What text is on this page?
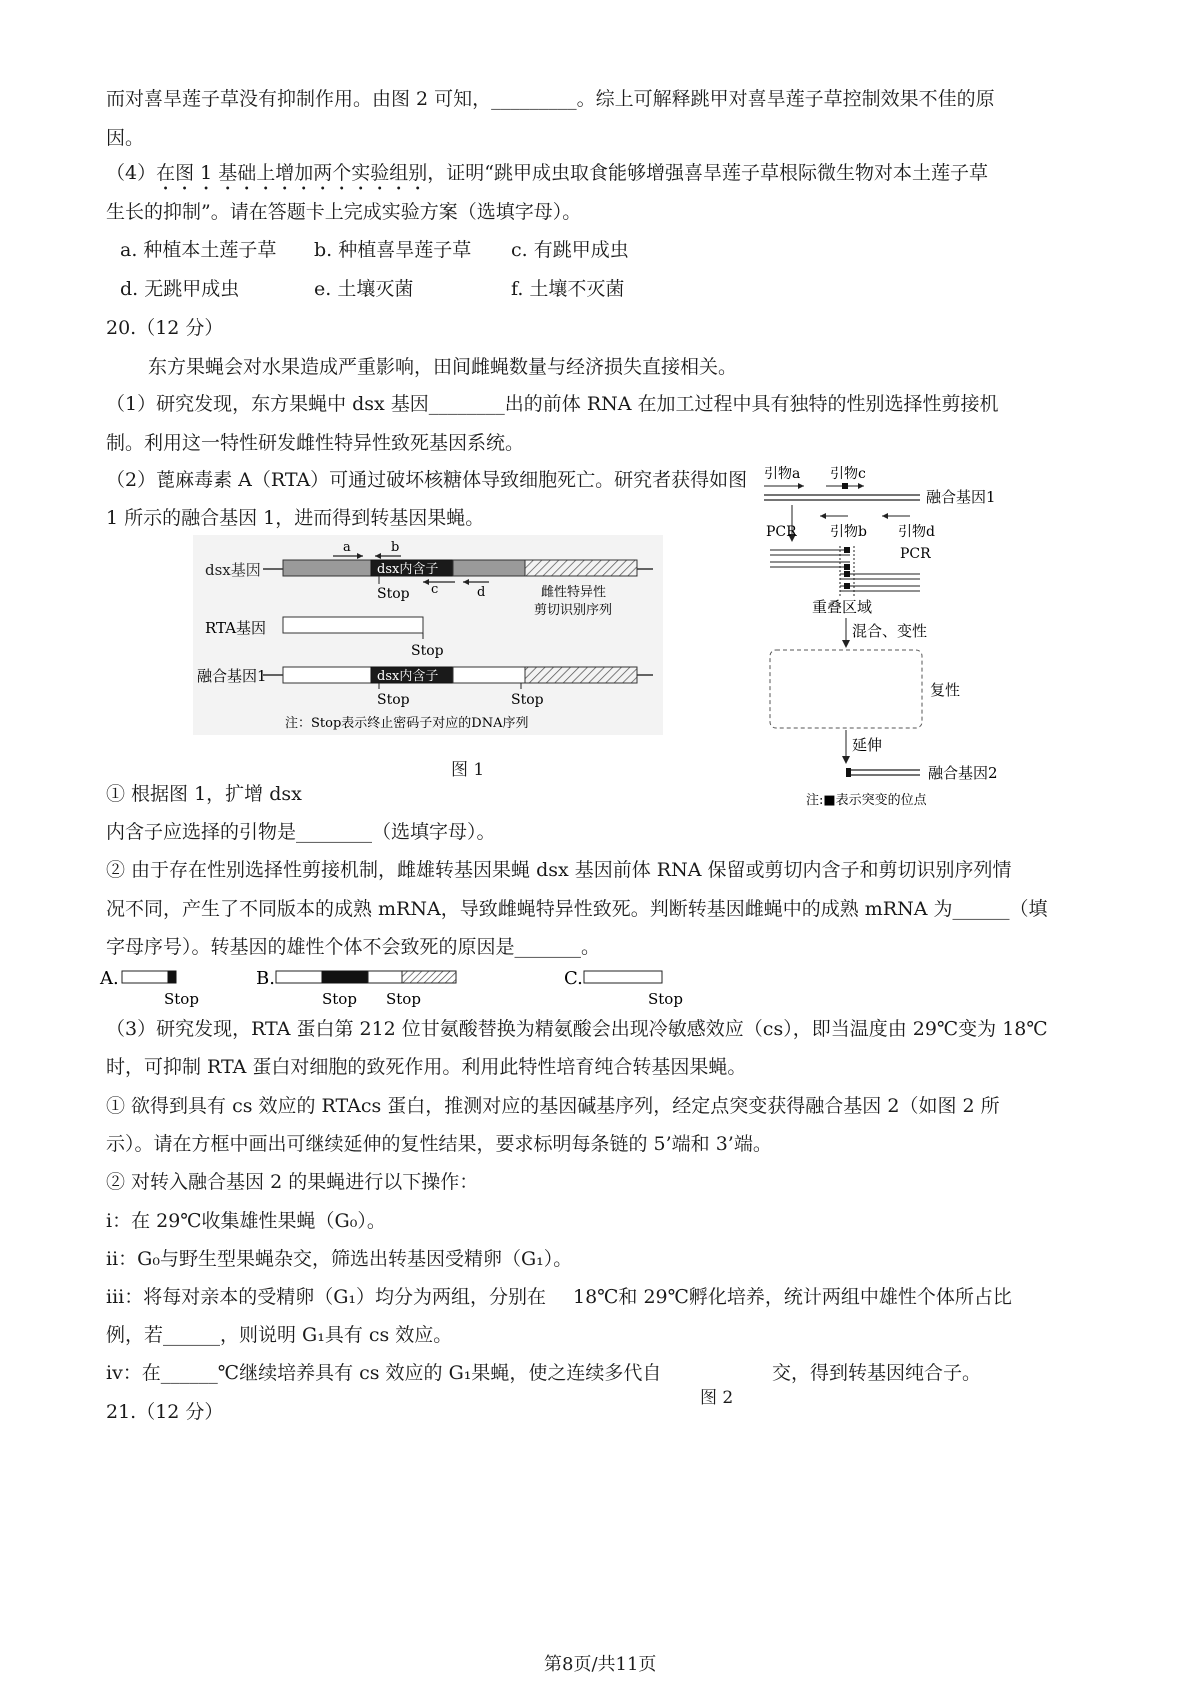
而对喜旱莲子草没有抑制作用。由图 2 可知，_________。综上可解释跳甲对喜旱莲子草控制效果不佳的原
因。
（4）在图 1 基础上增加两个实验组别，证明“跳甲成虫取食能够增强喜旱莲子草根际微生物对本土莲子草
生长的抑制”。请在答题卡上完成实验方案（选填字母）。
a. 种植本土莲子草 b. 种植喜旱莲子草 c. 有跳甲成虫
d. 无跳甲成虫	e. 土壤灭菌	f. 土壤不灭菌
20.（12 分）
东方果蝇会对水果造成严重影响，田间雌蝇数量与经济损失直接相关。
（1）研究发现，东方果蝇中 dsx 基因________出的前体 RNA 在加工过程中具有独特的性别选择性剪接机
制。利用这一特性研发雌性特异性致死基因系统。
（2）蓖麻毒素 A（RTA）可通过破坏核糖体导致细胞死亡。研究者获得如图
1 所示的融合基因 1，进而得到转基因果蝇。
dsx基因	dsx内含子
a	b
Stop c	d	雌性特异性
剪切识别序列
RTA基因
Stop
融合基因1	dsx内含子
Stop	Stop
注：Stop表示终止密码子对应的DNA序列
图 1
引物a 引物c
融合基因1
PCR 引物b 引物d
PCR
重叠区域
混合、变性
复性
延伸
融合基因2
注:■表示突变的位点
① 根据图 1，扩增 dsx
内含子应选择的引物是________（选填字母）。
② 由于存在性别选择性剪接机制，雌雄转基因果蝇 dsx 基因前体 RNA 保留或剪切内含子和剪切识别序列情
况不同，产生了不同版本的成熟 mRNA，导致雌蝇特异性致死。判断转基因雌蝇中的成熟 mRNA 为______（填
字母序号）。转基因的雄性个体不会致死的原因是_______。
A.
Stop
B.
Stop Stop
C.
Stop
（3）研究发现，RTA 蛋白第 212 位甘氨酸替换为精氨酸会出现冷敏感效应（cs），即当温度由 29℃变为 18℃
时，可抑制 RTA 蛋白对细胞的致死作用。利用此特性培育纯合转基因果蝇。
① 欲得到具有 cs 效应的 RTAcs 蛋白，推测对应的基因碱基序列，经定点突变获得融合基因 2（如图 2 所
示）。请在方框中画出可继续延伸的复性结果，要求标明每条链的 5’端和 3’端。
② 对转入融合基因 2 的果蝇进行以下操作：
ⅰ：在 29℃收集雄性果蝇（G₀）。
ⅱ：G₀与野生型果蝇杂交，筛选出转基因受精卵（G₁）。
ⅲ：将每对亲本的受精卵（G₁）均分为两组，分别在 18℃和 29℃孵化培养，统计两组中雄性个体所占比
例，若______，则说明 G₁具有 cs 效应。
ⅳ：在______℃继续培养具有 cs 效应的 G₁果蝇，使之连续多代自	交，得到转基因纯合子。
图 2
21.（12 分）
第8页/共11页
